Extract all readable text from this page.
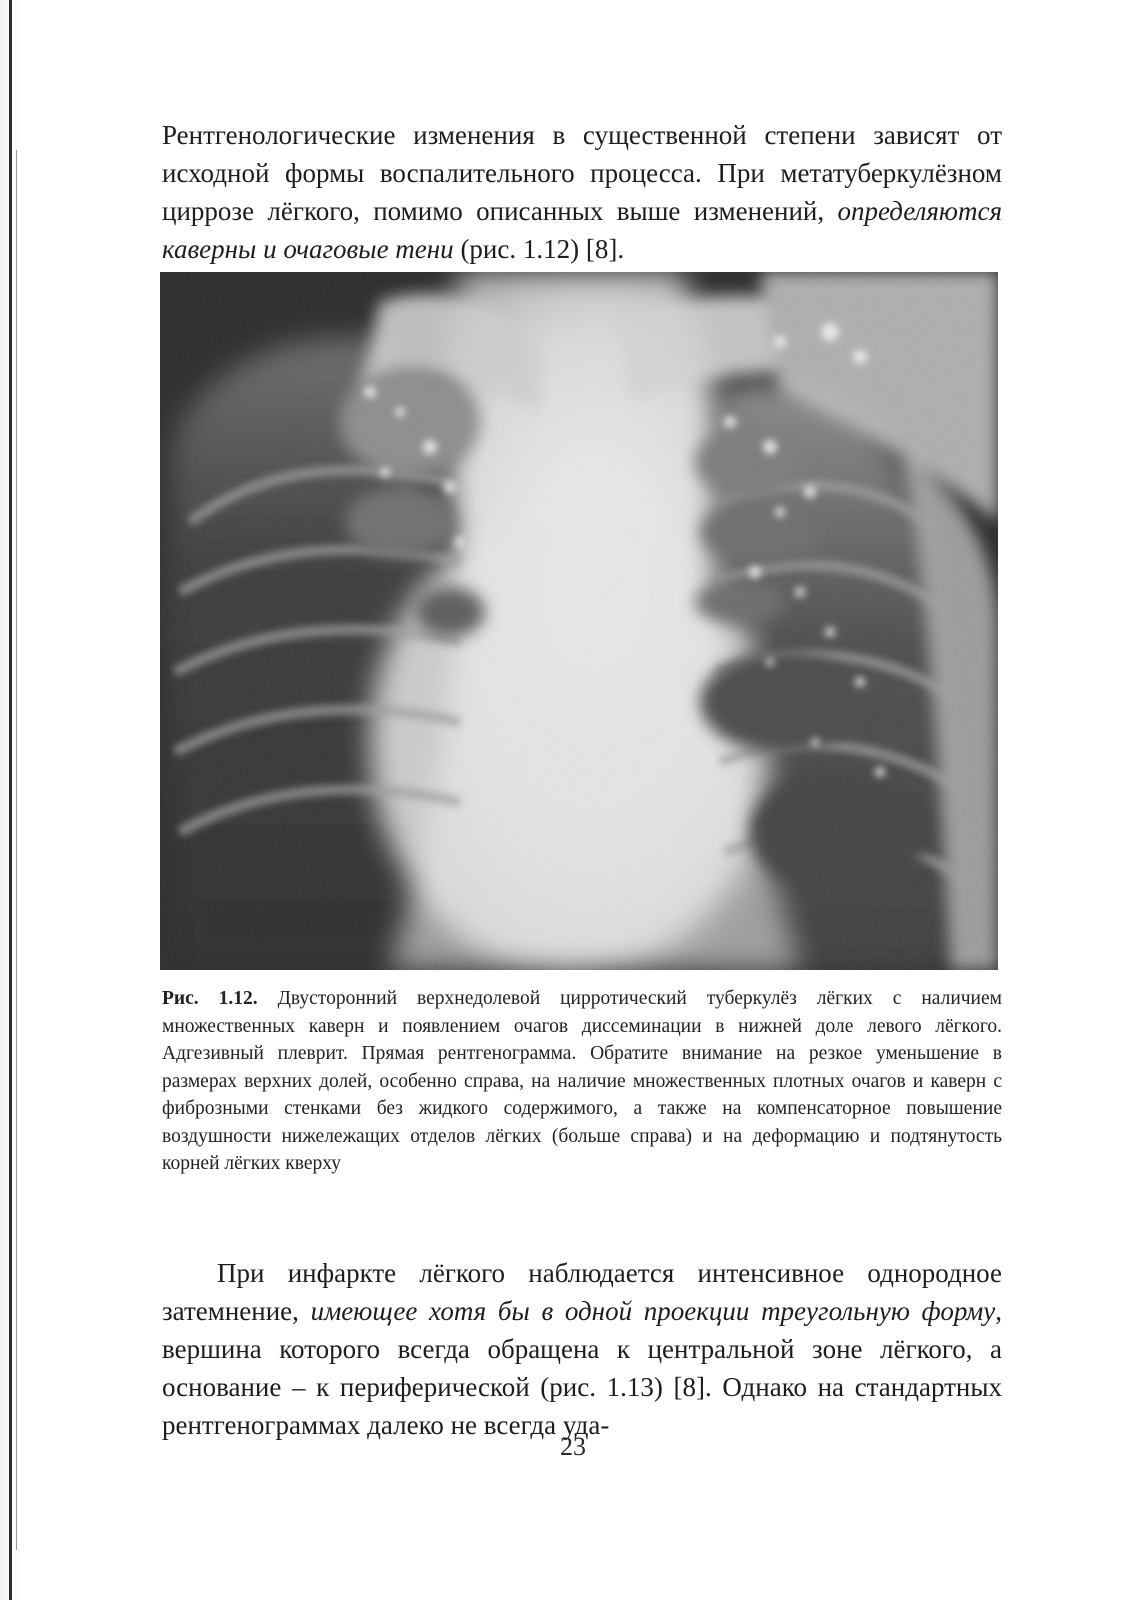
Рентгенологические изменения в существенной степени зависят от исходной формы воспалительного процесса. При метатуберкулёзном циррозе лёгкого, помимо описанных выше изменений, определяются каверны и очаговые тени (рис. 1.12) [8].

Рис. 1.12. Двусторонний верхнедолевой цирротический туберкулёз лёгких с наличием множественных каверн и появлением очагов диссеминации в нижней доле левого лёгкого. Адгезивный плеврит. Прямая рентгенограмма. Обратите внимание на резкое уменьшение в размерах верхних долей, особенно справа, на наличие множественных плотных очагов и каверн с фиброзными стенками без жидкого содержимого, а также на компенсаторное повышение воздушности нижележащих отделов лёгких (больше справа) и на деформацию и подтянутость корней лёгких кверху

При инфаркте лёгкого наблюдается интенсивное однородное затемнение, имеющее хотя бы в одной проекции треугольную форму, вершина которого всегда обращена к центральной зоне лёгкого, а основание – к периферической (рис. 1.13) [8]. Однако на стандартных рентгенограммах далеко не всегда уда-

23
